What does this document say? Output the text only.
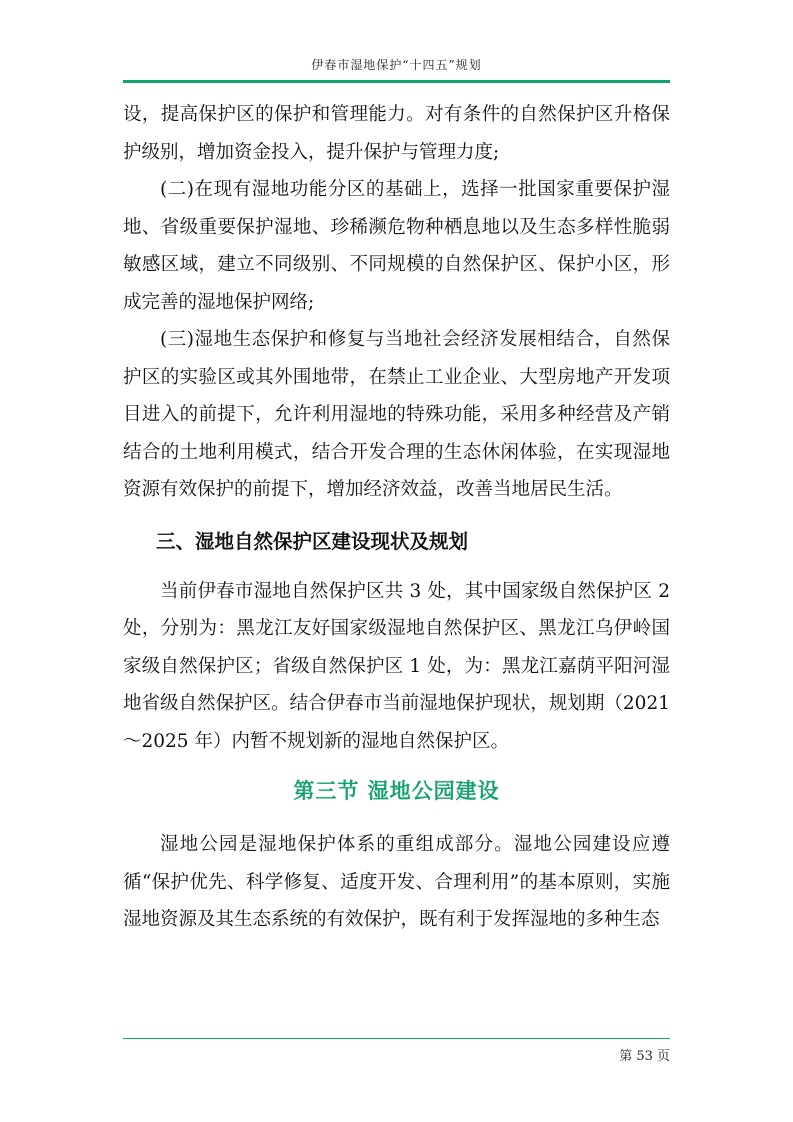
伊春市湿地保护“十四五”规划

设，提高保护区的保护和管理能力。对有条件的自然保护区升格保护级别，增加资金投入，提升保护与管理力度;

(二)在现有湿地功能分区的基础上，选择一批国家重要保护湿地、省级重要保护湿地、珍稀濒危物种栖息地以及生态多样性脆弱敏感区域，建立不同级别、不同规模的自然保护区、保护小区，形成完善的湿地保护网络;

(三)湿地生态保护和修复与当地社会经济发展相结合，自然保护区的实验区或其外围地带，在禁止工业企业、大型房地产开发项目进入的前提下，允许利用湿地的特殊功能，采用多种经营及产销结合的土地利用模式，结合开发合理的生态休闲体验，在实现湿地资源有效保护的前提下，增加经济效益，改善当地居民生活。

三、湿地自然保护区建设现状及规划

当前伊春市湿地自然保护区共 3 处，其中国家级自然保护区 2 处，分别为：黑龙江友好国家级湿地自然保护区、黑龙江乌伊岭国家级自然保护区；省级自然保护区 1 处，为：黑龙江嘉荫平阳河湿地省级自然保护区。结合伊春市当前湿地保护现状，规划期（2021～2025 年）内暂不规划新的湿地自然保护区。

第三节 湿地公园建设

湿地公园是湿地保护体系的重组成部分。湿地公园建设应遵循“保护优先、科学修复、适度开发、合理利用”的基本原则，实施湿地资源及其生态系统的有效保护，既有利于发挥湿地的多种生态

第 53 页
